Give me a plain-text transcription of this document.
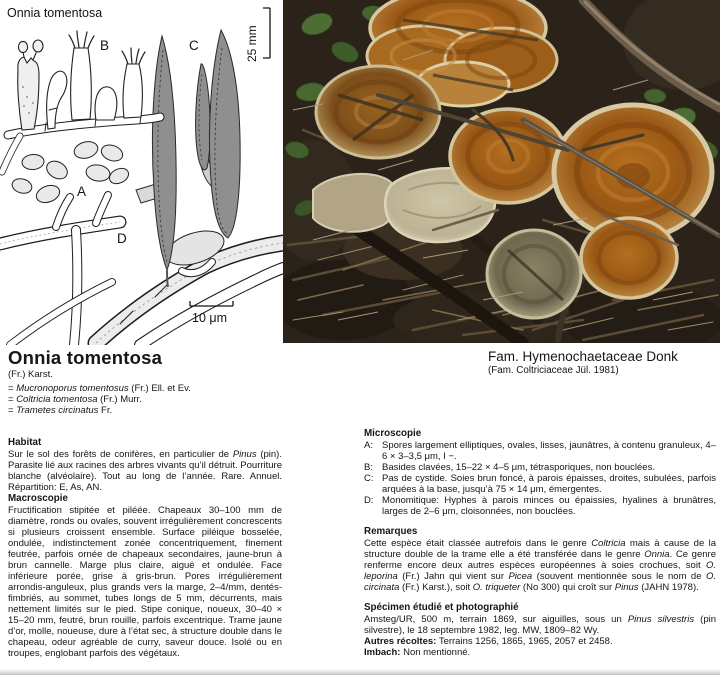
Onnia tomentosa
B	C
A
D
25 mm
10 μm
Onnia tomentosa
(Fr.) Karst.
= Mucronoporus tomentosus (Fr.) Ell. et Ev.
= Coltricia tomentosa (Fr.) Murr.
= Trametes circinatus Fr.
Habitat

Sur le sol des forêts de conifères, en particulier de Pinus (pin). Parasite lié aux racines des arbres vivants qu’il détruit. Pourriture blanche (alvéolaire). Tout au long de l’année. Rare. Annuel. Répartition: E, As, AN.

Macroscopie

Fructification stipitée et piléée. Chapeaux 30–100 mm de diamètre, ronds ou ovales, souvent irrégulièrement concrescents si plusieurs croissent ensemble. Surface piléique bosselée, ondulée, indistinctement zonée concentriquement, finement feutrée, parfois ornée de chapeaux secondaires, jaune-brun à brun cannelle. Marge plus claire, aiguë et ondulée. Face inférieure porée, grise à gris-brun. Pores irrégulièrement arrondis-anguleux, plus grands vers la marge, 2–4/mm, dentés-fimbriés, au sommet, tubes longs de 5 mm, décurrents, mais nettement limités sur le pied. Stipe conique, noueux, 30–40 × 15–20 mm, feutré, brun rouille, parfois excentrique. Trame jaune d’or, molle, noueuse, dure à l’état sec, à structure double dans le chapeau, odeur agréable de curry, saveur douce. Isolé ou en troupes, englobant parfois des végétaux.

Fam. Hymenochaetaceae Donk
(Fam. Coltriciaceae Jül. 1981)
Microscopie
A: Spores largement elliptiques, ovales, lisses, jaunâtres, à contenu granuleux, 4–6 × 3–3,5 μm, I −.
B: Basides clavées, 15–22 × 4–5 μm, tétrasporiques, non bouclées.
C: Pas de cystide. Soies brun foncé, à parois épaisses, droites, subulées, parfois arquées à la base, jusqu’à 75 × 14 μm, émergentes.
D: Monomitique: Hyphes à parois minces ou épaissies, hyalines à brunâtres, larges de 2–6 μm, cloisonnées, non bouclées.
Remarques

Cette espèce était classée autrefois dans le genre Coltricia mais à cause de la structure double de la trame elle a été transférée dans le genre Onnia. Ce genre renferme encore deux autres espèces européennes à soies crochues, soit O. leporina (Fr.) Jahn qui vient sur Picea (souvent mentionnée sous le nom de O. circinata (Fr.) Karst.), soit O. triqueter (No 300) qui croît sur Pinus (JAHN 1978).

Spécimen étudié et photographié

Amsteg/UR, 500 m, terrain 1869, sur aiguilles, sous un Pinus silvestris (pin silvestre), le 18 septembre 1982, leg. MW, 1809–82 Wy.

Autres récoltes: Terrains 1256, 1865, 1965, 2057 et 2458.

Imbach: Non mentionné.
